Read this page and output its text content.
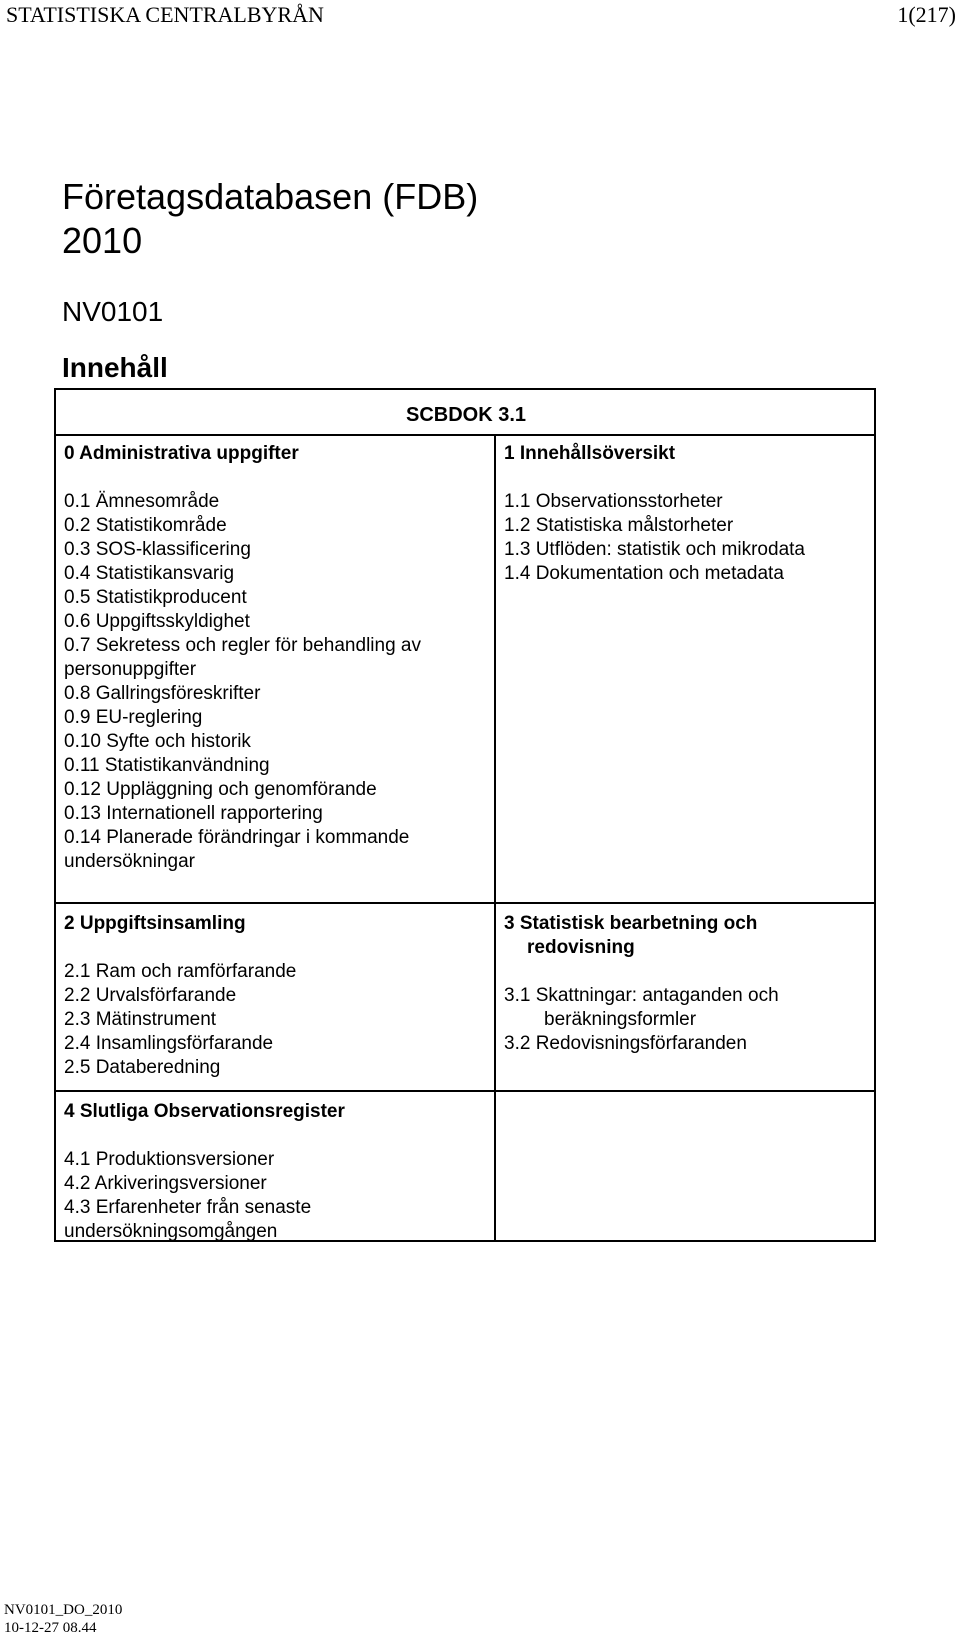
STATISTISKA CENTRALBYRÅN	1(217)
Företagsdatabasen (FDB)
2010
NV0101
Innehåll
SCBDOK 3.1
0 Administrativa uppgifter
0.1 Ämnesområde
0.2 Statistikområde
0.3 SOS-klassificering
0.4 Statistikansvarig
0.5 Statistikproducent
0.6 Uppgiftsskyldighet
0.7 Sekretess och regler för behandling av personuppgifter
0.8 Gallringsföreskrifter
0.9 EU-reglering
0.10 Syfte och historik
0.11 Statistikanvändning
0.12 Uppläggning och genomförande
0.13 Internationell rapportering
0.14 Planerade förändringar i kommande undersökningar
1 Innehållsöversikt
1.1 Observationsstorheter
1.2 Statistiska målstorheter
1.3 Utflöden: statistik och mikrodata
1.4 Dokumentation och metadata
2 Uppgiftsinsamling
2.1 Ram och ramförfarande
2.2 Urvalsförfarande
2.3 Mätinstrument
2.4 Insamlingsförfarande
2.5 Databeredning
3 Statistisk bearbetning och
redovisning
3.1 Skattningar: antaganden och
beräkningsformler
3.2 Redovisningsförfaranden
4 Slutliga Observationsregister
4.1 Produktionsversioner
4.2 Arkiveringsversioner
4.3 Erfarenheter från senaste undersökningsomgången
NV0101_DO_2010
10-12-27 08.44
